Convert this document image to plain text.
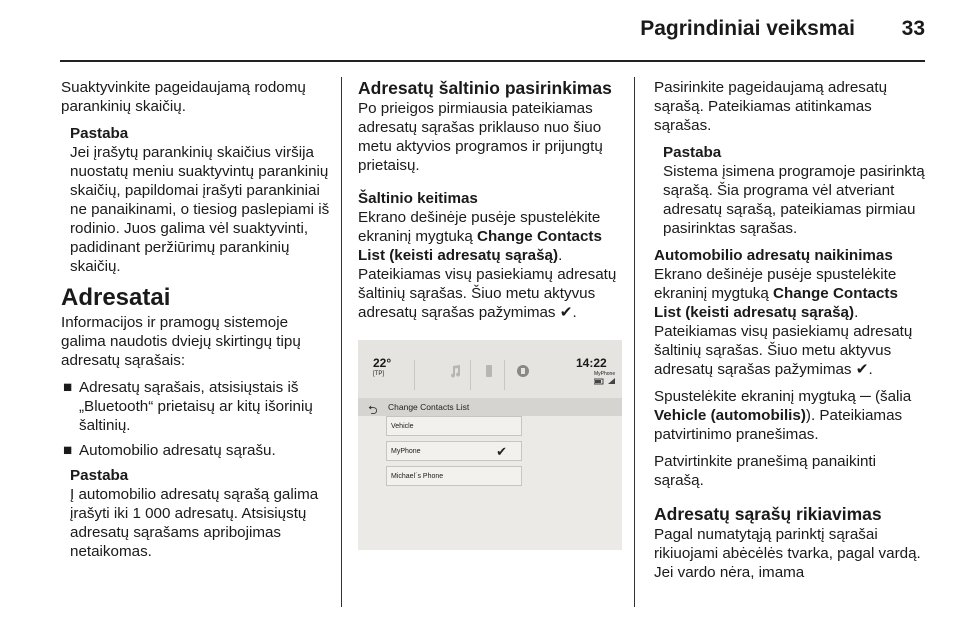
Pagrindiniai veiksmai 33

Suaktyvinkite pageidaujamą rodomų parankinių skaičių.

Pastaba
Jei įrašytų parankinių skaičius viršija nuostatų meniu suaktyvintų parankinių skaičių, papildomai įrašyti parankiniai ne panaikinami, o tiesiog paslepiami iš rodinio. Juos galima vėl suaktyvinti, padidinant peržiūrimų parankinių skaičių.
Adresatai

Informacijos ir pramogų sistemoje galima naudotis dviejų skirtingų tipų adresatų sąrašais:

■ Adresatų sąrašais, atsisiųstais iš „Bluetooth“ prietaisų ar kitų išorinių šaltinių.
■ Automobilio adresatų sąrašu.
Pastaba
Į automobilio adresatų sąrašą galima įrašyti iki 1 000 adresatų. Atsisiųstų adresatų sąrašams apribojimas netaikomas.
Adresatų šaltinio pasirinkimas

Po prieigos pirmiausia pateikiamas adresatų sąrašas priklauso nuo šiuo metu aktyvios programos ir prijungtų prietaisų.

Šaltinio keitimas
Ekrano dešinėje pusėje spustelėkite ekraninį mygtuką Change Contacts List (keisti adresatų sąrašą).
Pateikiamas visų pasiekiamų adresatų šaltinių sąrašas. Šiuo metu aktyvus adresatų sąrašas pažymimas ✔.
22°
[TP]
14:22
MyPhone
⮌ Change Contacts List
Vehicle
MyPhone	✔
Michael´s Phone

Pasirinkite pageidaujamą adresatų sąrašą. Pateikiamas atitinkamas sąrašas.

Pastaba
Sistema įsimena programoje pasirinktą sąrašą. Šia programa vėl atveriant adresatų sąrašą, pateikiamas pirmiau pasirinktas sąrašas.
Automobilio adresatų naikinimas
Ekrano dešinėje pusėje spustelėkite ekraninį mygtuką Change Contacts List (keisti adresatų sąrašą).

Pateikiamas visų pasiekiamų adresatų šaltinių sąrašas. Šiuo metu aktyvus adresatų sąrašas pažymimas ✔.

Spustelėkite ekraninį mygtuką ─ (šalia Vehicle (automobilis)). Pateikiamas patvirtinimo pranešimas.

Patvirtinkite pranešimą panaikinti sąrašą.

Adresatų sąrašų rikiavimas
Pagal numatytąją parinktį sąrašai rikiuojami abėcėlės tvarka, pagal vardą. Jei vardo nėra, imama
